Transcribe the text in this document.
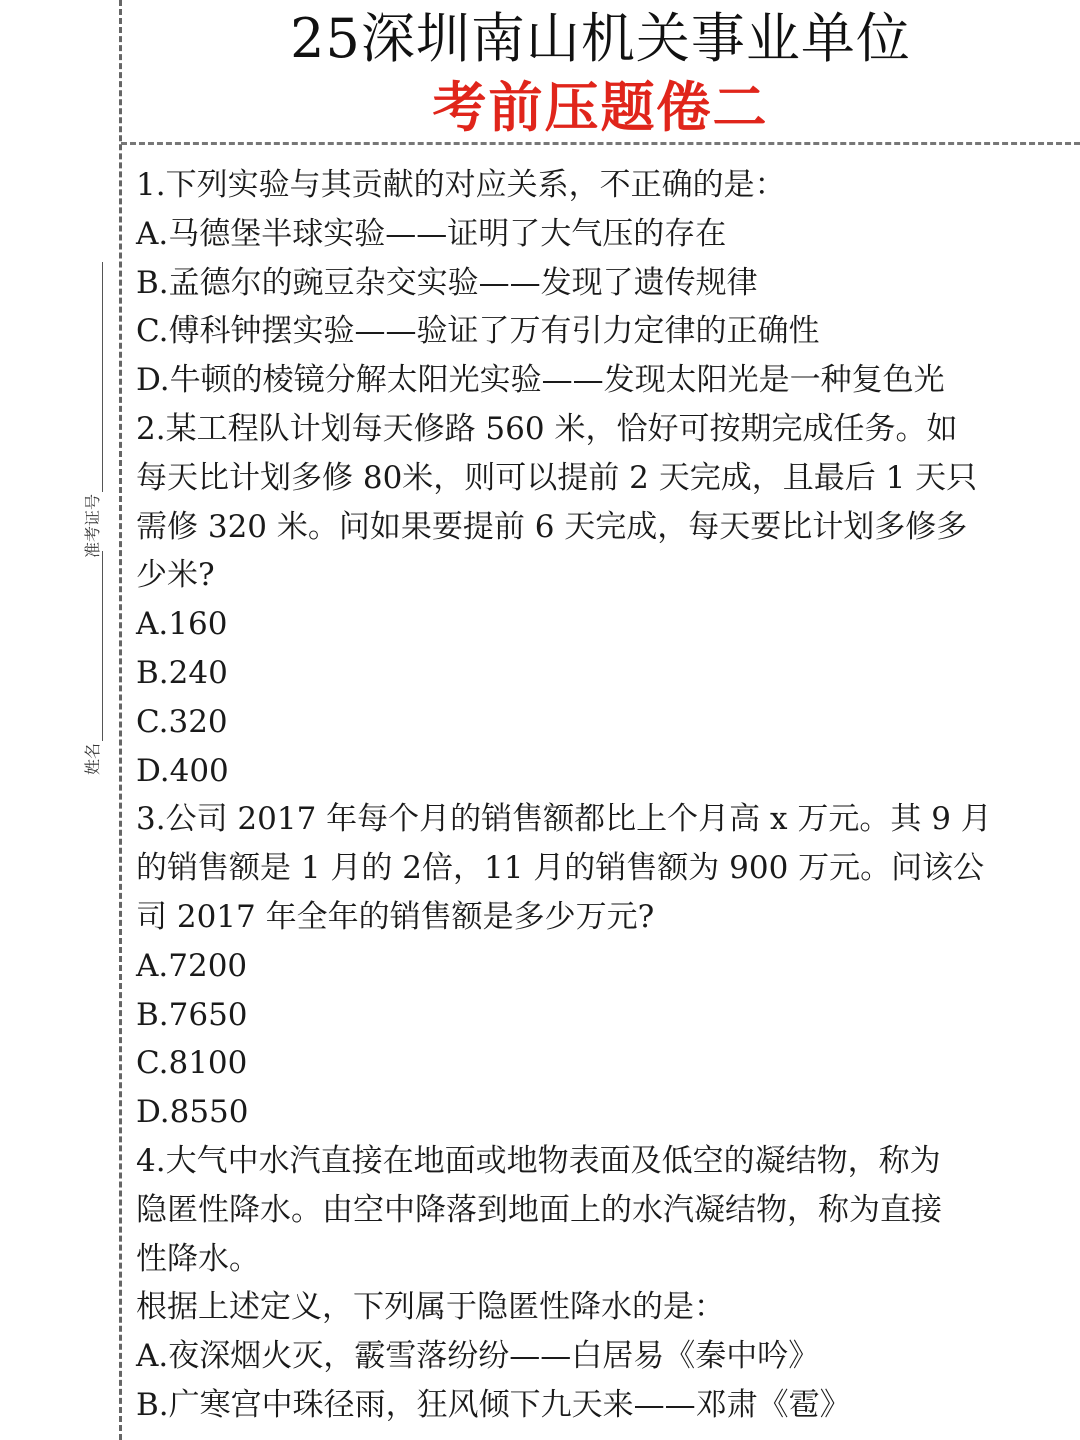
25深圳南山机关事业单位
考前压题倦二
准考证号
姓名

1.下列实验与其贡献的对应关系，不正确的是：

A.马德堡半球实验——证明了大气压的存在

B.孟德尔的豌豆杂交实验——发现了遗传规律

C.傅科钟摆实验——验证了万有引力定律的正确性

D.牛顿的棱镜分解太阳光实验——发现太阳光是一种复色光

2.某工程队计划每天修路 560 米，恰好可按期完成任务。如

每天比计划多修 80米，则可以提前 2 天完成，且最后 1 天只

需修 320 米。问如果要提前 6 天完成，每天要比计划多修多

少米?

A.160

B.240

C.320

D.400

3.公司 2017 年每个月的销售额都比上个月高 x 万元。其 9 月

的销售额是 1 月的 2倍，11 月的销售额为 900 万元。问该公

司 2017 年全年的销售额是多少万元?

A.7200

B.7650

C.8100

D.8550

4.大气中水汽直接在地面或地物表面及低空的凝结物，称为

隐匿性降水。由空中降落到地面上的水汽凝结物，称为直接

性降水。

根据上述定义，下列属于隐匿性降水的是：

A.夜深烟火灭，霰雪落纷纷——白居易《秦中吟》

B.广寒宫中珠径雨，狂风倾下九天来——邓肃《雹》
